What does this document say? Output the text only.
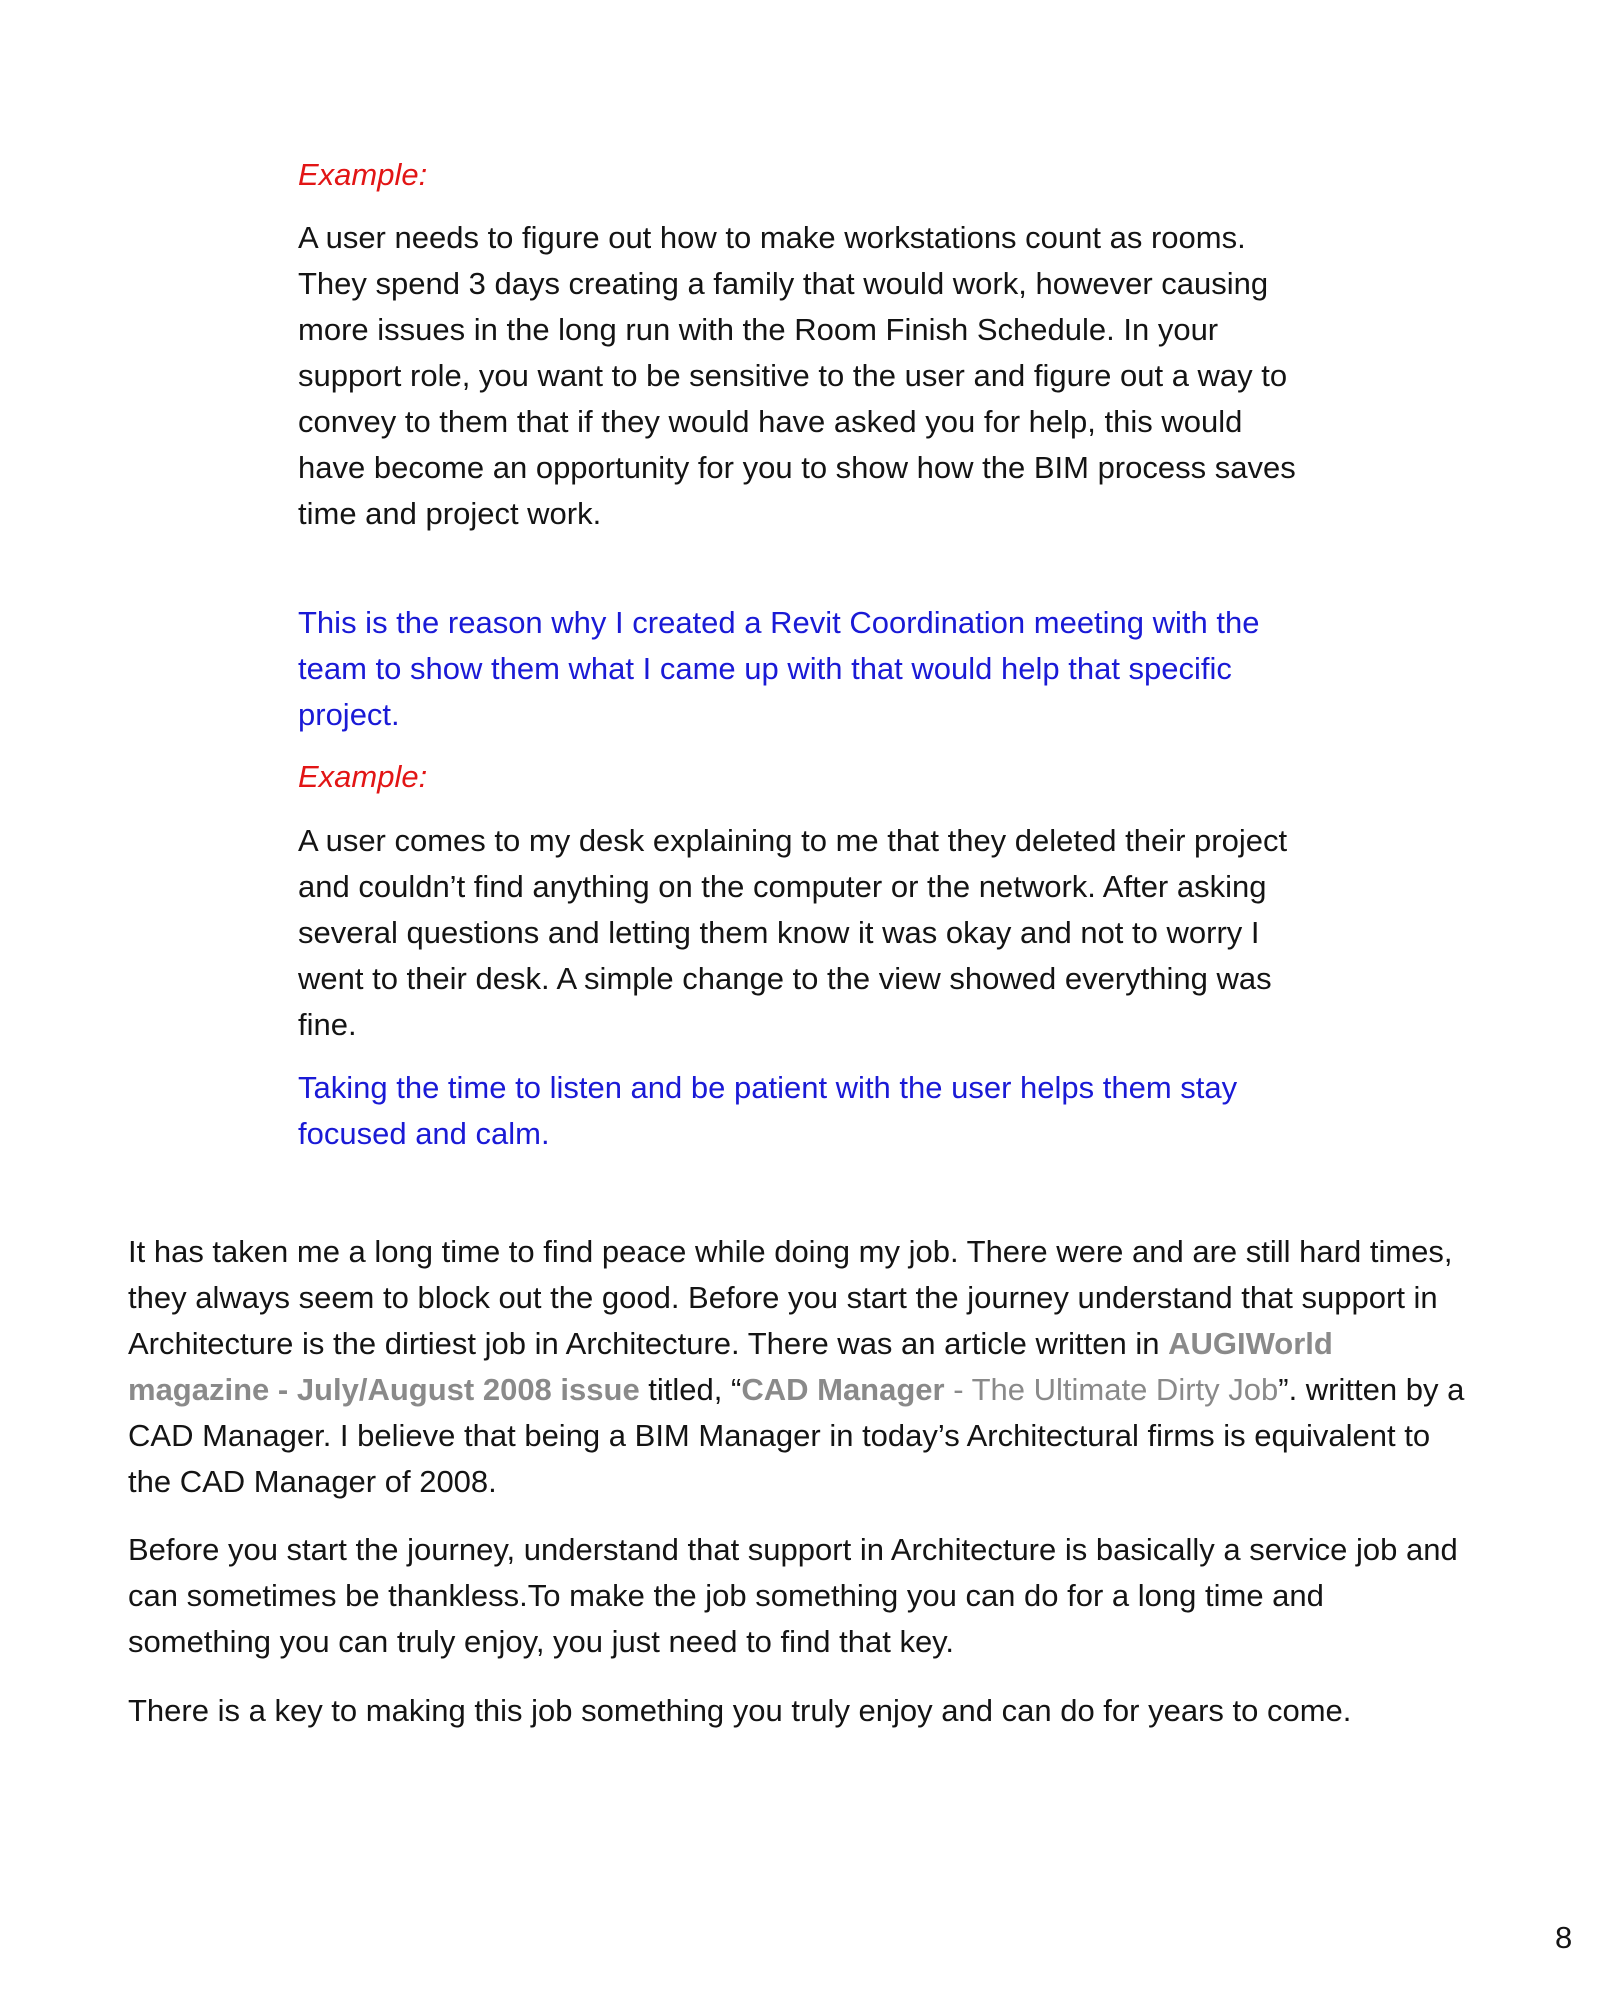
Example:
A user needs to figure out how to make workstations count as rooms. They spend 3 days creating a family that would work, however causing more issues in the long run with the Room Finish Schedule. In your support role, you want to be sensitive to the user and figure out a way to convey to them that if they would have asked you for help, this would have become an opportunity for you to show how the BIM process saves time and project work.
This is the reason why I created a Revit Coordination meeting with the team to show them what I came up with that would help that specific project.
Example:
A user comes to my desk explaining to me that they deleted their project and couldn’t find anything on the computer or the network. After asking several questions and letting them know it was okay and not to worry I went to their desk. A simple change to the view showed everything was fine.
Taking the time to listen and be patient with the user helps them stay focused and calm.
It has taken me a long time to find peace while doing my job. There were and are still hard times, they always seem to block out the good. Before you start the journey understand that support in Architecture is the dirtiest job in Architecture. There was an article written in AUGIWorld magazine - July/August 2008 issue titled, “CAD Manager - The Ultimate Dirty Job”. written by a CAD Manager. I believe that being a BIM Manager in today’s Architectural firms is equivalent to the CAD Manager of 2008.
Before you start the journey, understand that support in Architecture is basically a service job and can sometimes be thankless.To make the job something you can do for a long time and something you can truly enjoy, you just need to find that key.
There is a key to making this job something you truly enjoy and can do for years to come.
8
